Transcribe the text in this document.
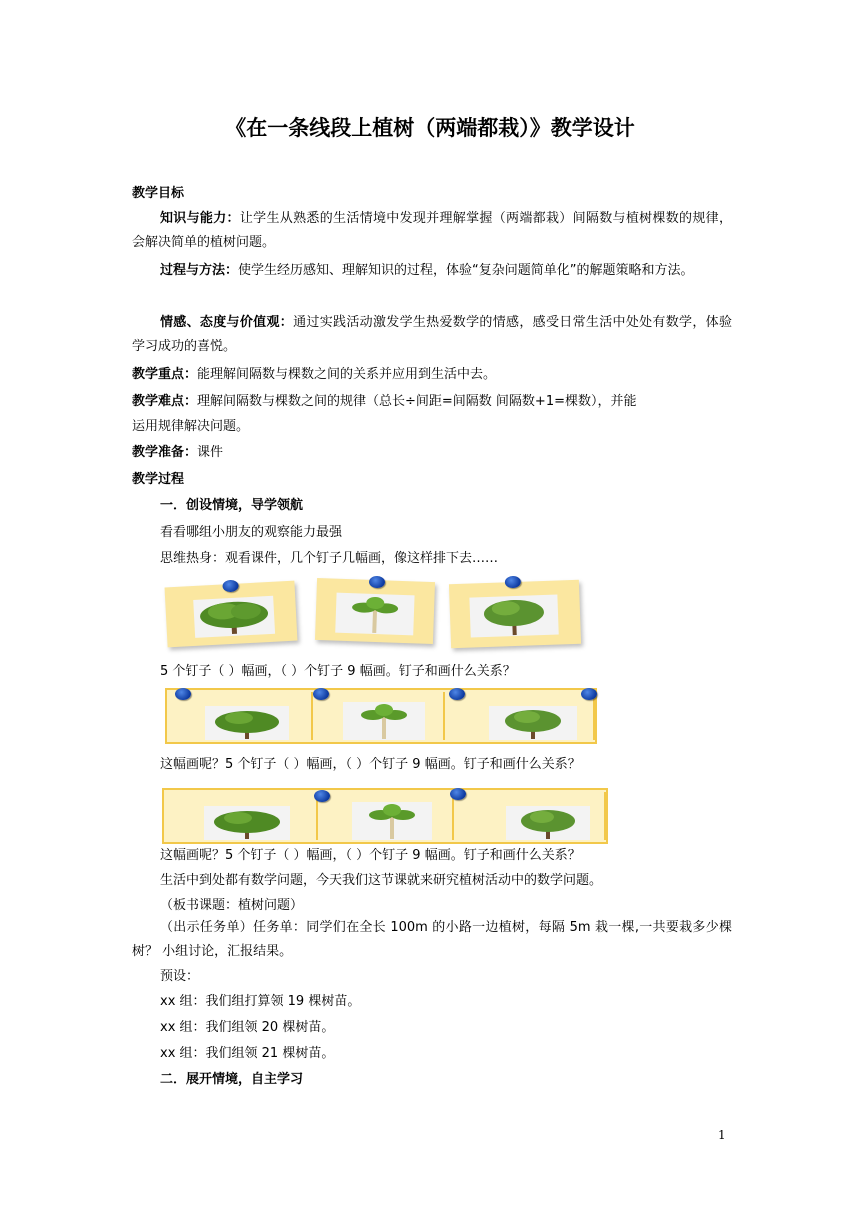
《在一条线段上植树（两端都栽）》教学设计
教学目标
知识与能力：让学生从熟悉的生活情境中发现并理解掌握（两端都栽）间隔数与植树棵数的规律，会解决简单的植树问题。
过程与方法：使学生经历感知、理解知识的过程，体验“复杂问题简单化”的解题策略和方法。
情感、态度与价值观：通过实践活动激发学生热爱数学的情感，感受日常生活中处处有数学，体验学习成功的喜悦。
教学重点：能理解间隔数与棵数之间的关系并应用到生活中去。
教学难点：理解间隔数与棵数之间的规律（总长÷间距=间隔数 间隔数+1=棵数），并能
运用规律解决问题。
教学准备：课件
教学过程
一．创设情境，导学领航
看看哪组小朋友的观察能力最强
思维热身：观看课件，几个钉子几幅画，像这样排下去……
5 个钉子（ ）幅画，（ ）个钉子 9 幅画。钉子和画什么关系？
这幅画呢？5 个钉子（ ）幅画，（ ）个钉子 9 幅画。钉子和画什么关系？
这幅画呢？5 个钉子（ ）幅画，（ ）个钉子 9 幅画。钉子和画什么关系？
生活中到处都有数学问题，今天我们这节课就来研究植树活动中的数学问题。
（板书课题：植树问题）
（出示任务单）任务单：同学们在全长 100m 的小路一边植树，每隔 5m 栽一棵,一共要栽多少棵树？ 小组讨论，汇报结果。
预设：
xx 组：我们组打算领 19 棵树苗。
xx 组：我们组领 20 棵树苗。
xx 组：我们组领 21 棵树苗。
二．展开情境，自主学习
1
